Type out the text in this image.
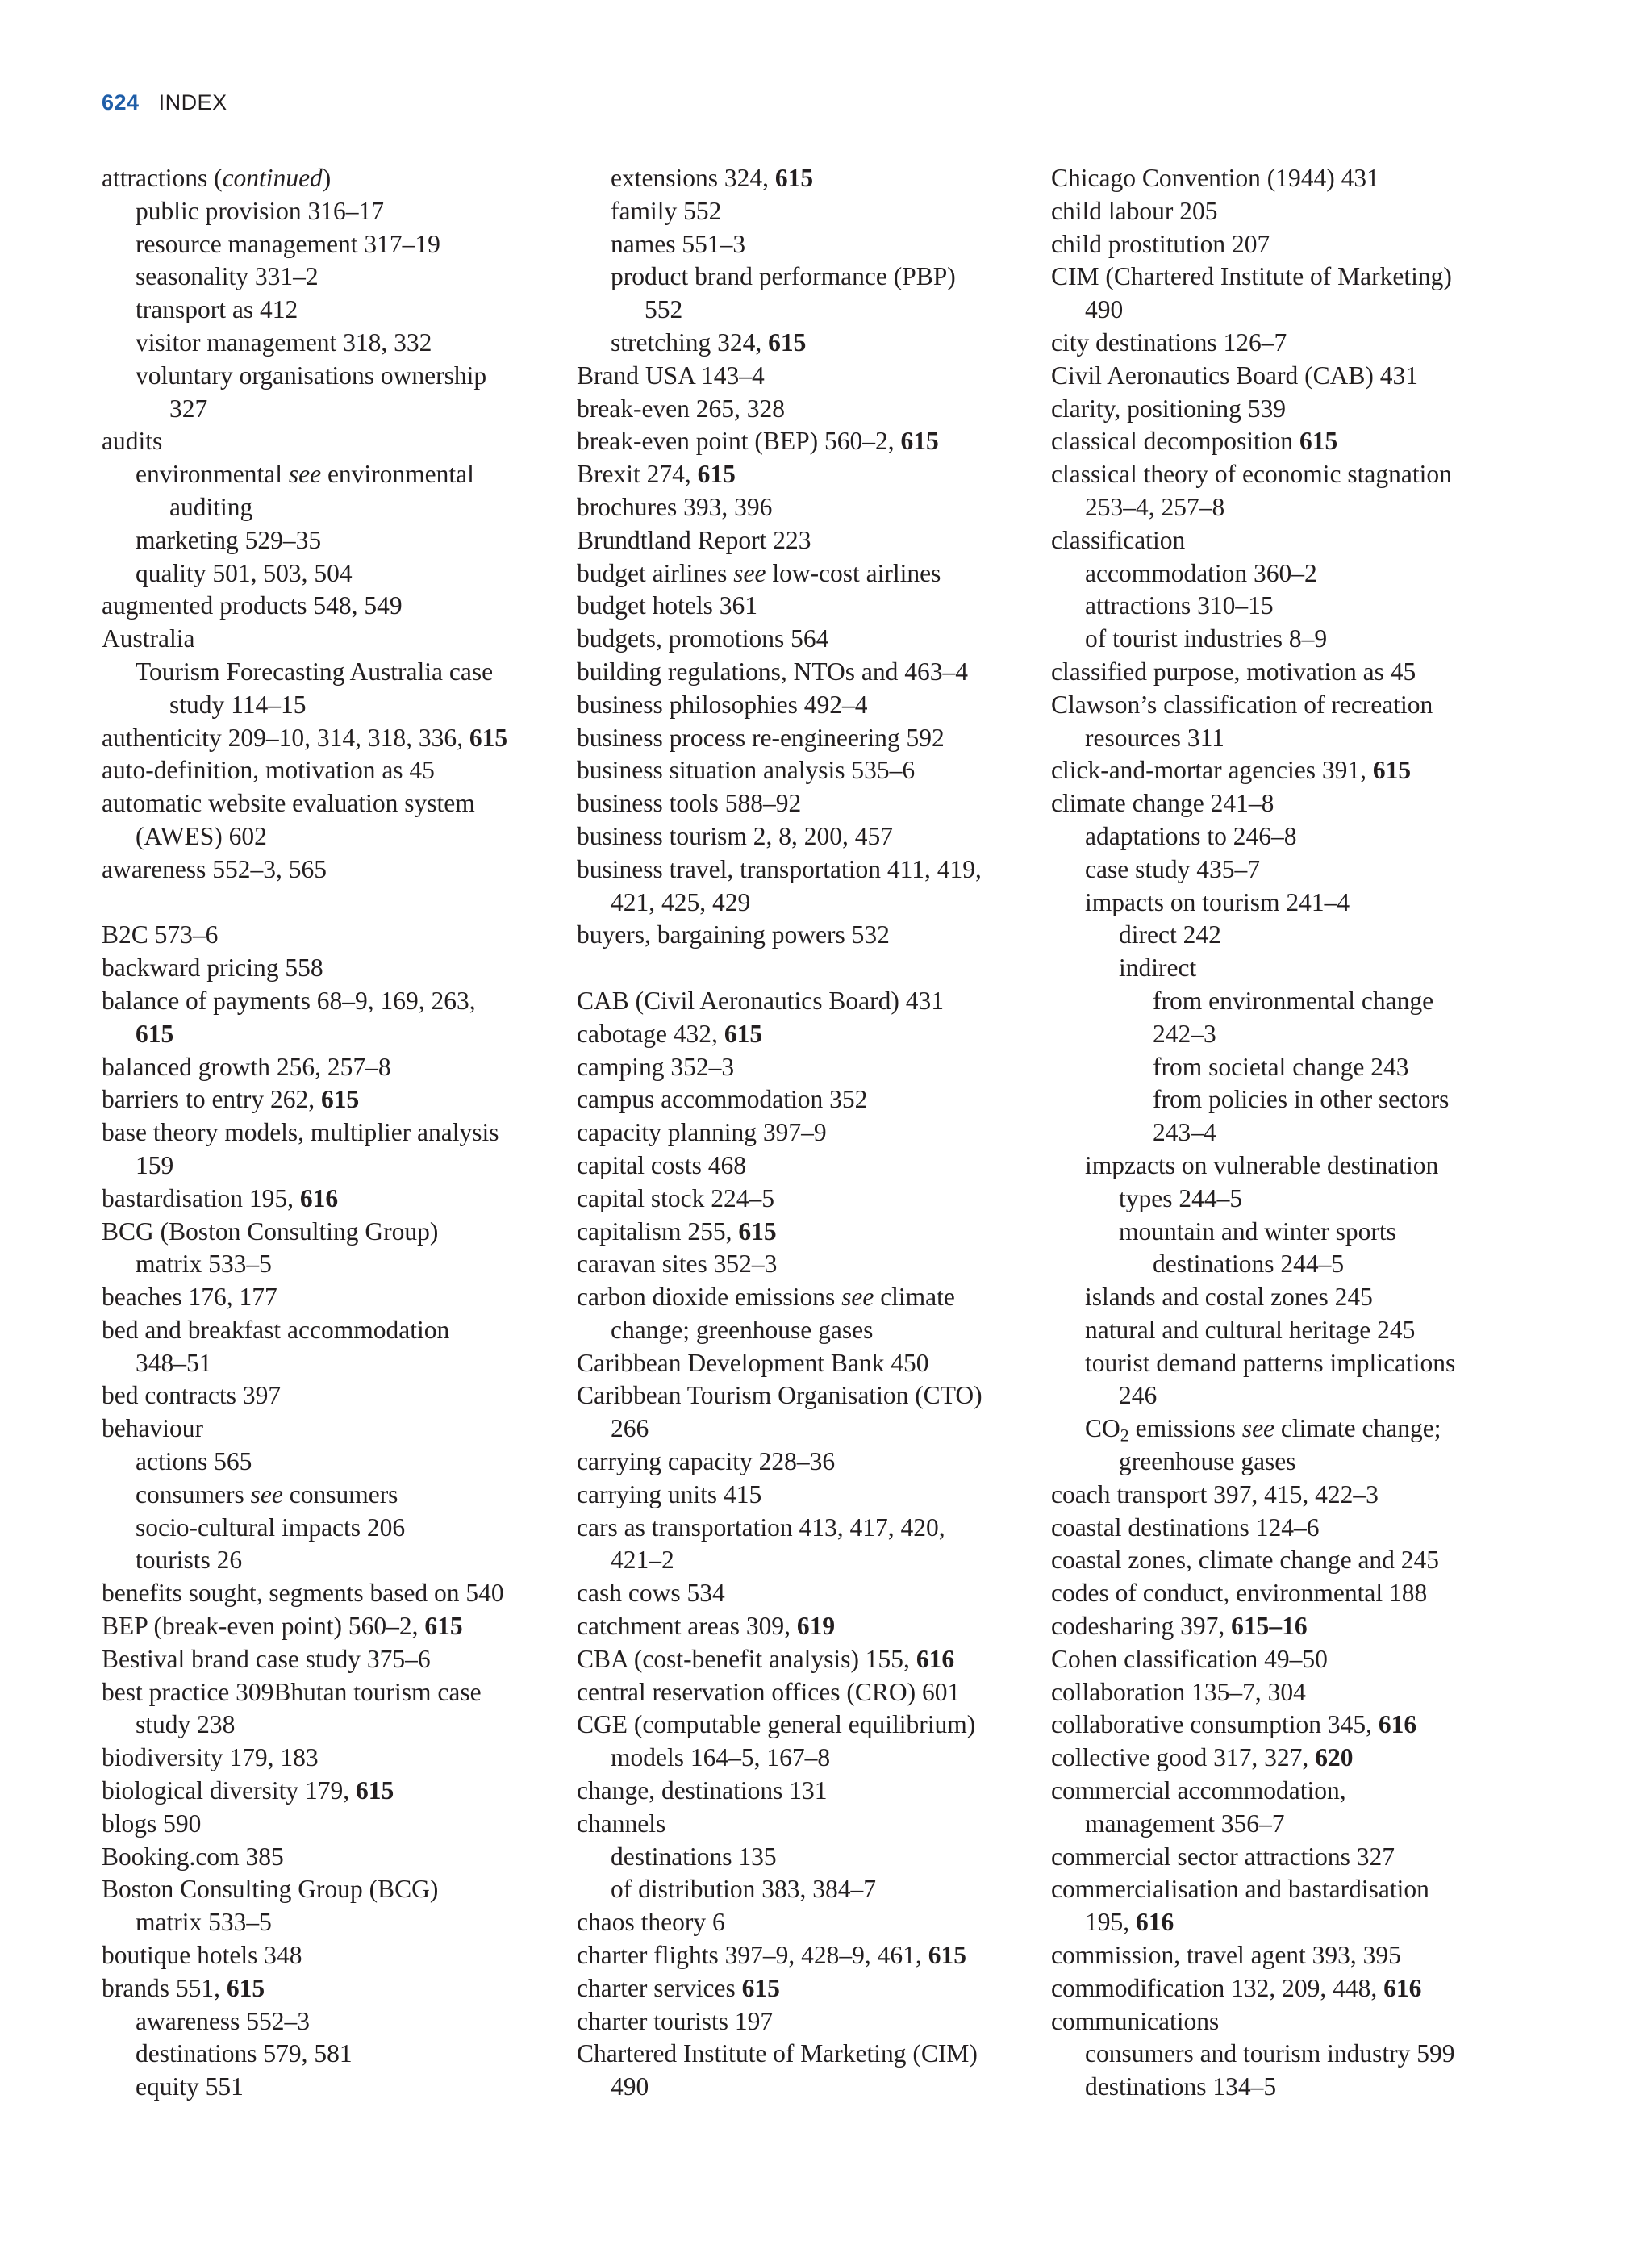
624 INDEX
attractions (continued)
public provision 316–17
resource management 317–19
seasonality 331–2
transport as 412
visitor management 318, 332
voluntary organisations ownership
327
audits
environmental see environmental
auditing
marketing 529–35
quality 501, 503, 504
augmented products 548, 549
Australia
Tourism Forecasting Australia case
study 114–15
authenticity 209–10, 314, 318, 336, 615
auto-definition, motivation as 45
automatic website evaluation system
(AWES) 602
awareness 552–3, 565
B2C 573–6
backward pricing 558
balance of payments 68–9, 169, 263,
615
balanced growth 256, 257–8
barriers to entry 262, 615
base theory models, multiplier analysis
159
bastardisation 195, 616
BCG (Boston Consulting Group)
matrix 533–5
beaches 176, 177
bed and breakfast accommodation
348–51
bed contracts 397
behaviour
actions 565
consumers see consumers
socio-cultural impacts 206
tourists 26
benefits sought, segments based on 540
BEP (break-even point) 560–2, 615
Bestival brand case study 375–6
best practice 309Bhutan tourism case
study 238
biodiversity 179, 183
biological diversity 179, 615
blogs 590
Booking.com 385
Boston Consulting Group (BCG)
matrix 533–5
boutique hotels 348
brands 551, 615
awareness 552–3
destinations 579, 581
equity 551
extensions 324, 615
family 552
names 551–3
product brand performance (PBP)
552
stretching 324, 615
Brand USA 143–4
break-even 265, 328
break-even point (BEP) 560–2, 615
Brexit 274, 615
brochures 393, 396
Brundtland Report 223
budget airlines see low-cost airlines
budget hotels 361
budgets, promotions 564
building regulations, NTOs and 463–4
business philosophies 492–4
business process re-engineering 592
business situation analysis 535–6
business tools 588–92
business tourism 2, 8, 200, 457
business travel, transportation 411, 419,
421, 425, 429
buyers, bargaining powers 532
CAB (Civil Aeronautics Board) 431
cabotage 432, 615
camping 352–3
campus accommodation 352
capacity planning 397–9
capital costs 468
capital stock 224–5
capitalism 255, 615
caravan sites 352–3
carbon dioxide emissions see climate
change; greenhouse gases
Caribbean Development Bank 450
Caribbean Tourism Organisation (CTO)
266
carrying capacity 228–36
carrying units 415
cars as transportation 413, 417, 420,
421–2
cash cows 534
catchment areas 309, 619
CBA (cost-benefit analysis) 155, 616
central reservation offices (CRO) 601
CGE (computable general equilibrium)
models 164–5, 167–8
change, destinations 131
channels
destinations 135
of distribution 383, 384–7
chaos theory 6
charter flights 397–9, 428–9, 461, 615
charter services 615
charter tourists 197
Chartered Institute of Marketing (CIM)
490
Chicago Convention (1944) 431
child labour 205
child prostitution 207
CIM (Chartered Institute of Marketing)
490
city destinations 126–7
Civil Aeronautics Board (CAB) 431
clarity, positioning 539
classical decomposition 615
classical theory of economic stagnation
253–4, 257–8
classification
accommodation 360–2
attractions 310–15
of tourist industries 8–9
classified purpose, motivation as 45
Clawson’s classification of recreation
resources 311
click-and-mortar agencies 391, 615
climate change 241–8
adaptations to 246–8
case study 435–7
impacts on tourism 241–4
direct 242
indirect
from environmental change
242–3
from societal change 243
from policies in other sectors
243–4
impzacts on vulnerable destination
types 244–5
mountain and winter sports
destinations 244–5
islands and costal zones 245
natural and cultural heritage 245
tourist demand patterns implications
246
$CO_2$ emissions see climate change;
greenhouse gases
coach transport 397, 415, 422–3
coastal destinations 124–6
coastal zones, climate change and 245
codes of conduct, environmental 188
codesharing 397, 615–16
Cohen classification 49–50
collaboration 135–7, 304
collaborative consumption 345, 616
collective good 317, 327, 620
commercial accommodation,
management 356–7
commercial sector attractions 327
commercialisation and bastardisation
195, 616
commission, travel agent 393, 395
commodification 132, 209, 448, 616
communications
consumers and tourism industry 599
destinations 134–5
